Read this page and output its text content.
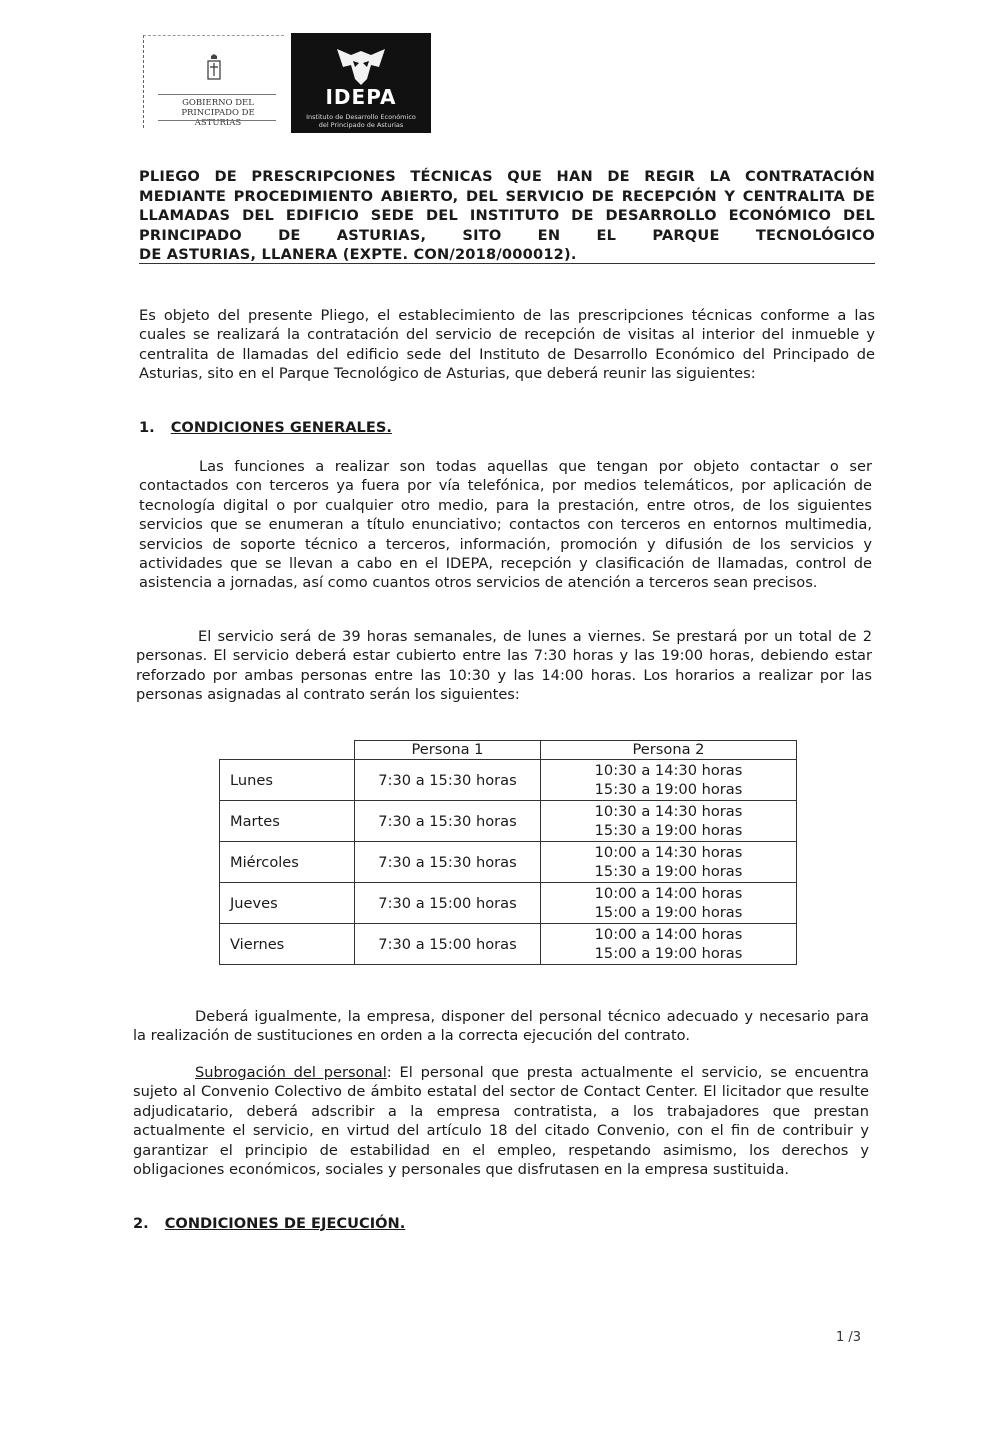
GOBIERNO DEL
PRINCIPADO DE ASTURIAS
IDEPA
Instituto de Desarrollo Económico
del Principado de Asturias
PLIEGO DE PRESCRIPCIONES TÉCNICAS QUE HAN DE REGIR LA CONTRATACIÓN MEDIANTE PROCEDIMIENTO ABIERTO, DEL SERVICIO DE RECEPCIÓN Y CENTRALITA DE LLAMADAS DEL EDIFICIO SEDE DEL INSTITUTO DE DESARROLLO ECONÓMICO DEL PRINCIPADO DE ASTURIAS, SITO EN EL PARQUE TECNOLÓGICO
DE ASTURIAS, LLANERA (EXPTE. CON/2018/000012).
Es objeto del presente Pliego, el establecimiento de las prescripciones técnicas conforme a las cuales se realizará la contratación del servicio de recepción de visitas al interior del inmueble y centralita de llamadas del edificio sede del Instituto de Desarrollo Económico del Principado de Asturias, sito en el Parque Tecnológico de Asturias, que deberá reunir las siguientes:
1. CONDICIONES GENERALES.
Las funciones a realizar son todas aquellas que tengan por objeto contactar o ser contactados con terceros ya fuera por vía telefónica, por medios telemáticos, por aplicación de tecnología digital o por cualquier otro medio, para la prestación, entre otros, de los siguientes servicios que se enumeran a título enunciativo; contactos con terceros en entornos multimedia, servicios de soporte técnico a terceros, información, promoción y difusión de los servicios y actividades que se llevan a cabo en el IDEPA, recepción y clasificación de llamadas, control de asistencia a jornadas, así como cuantos otros servicios de atención a terceros sean precisos.
El servicio será de 39 horas semanales, de lunes a viernes. Se prestará por un total de 2 personas. El servicio deberá estar cubierto entre las 7:30 horas y las 19:00 horas, debiendo estar reforzado por ambas personas entre las 10:30 y las 14:00 horas. Los horarios a realizar por las personas asignadas al contrato serán los siguientes:
	Persona 1	Persona 2
Lunes	7:30 a 15:30 horas	10:30 a 14:30 horas
15:30 a 19:00 horas

Martes	7:30 a 15:30 horas	10:30 a 14:30 horas
15:30 a 19:00 horas

Miércoles	7:30 a 15:30 horas	10:00 a 14:30 horas
15:30 a 19:00 horas

Jueves	7:30 a 15:00 horas	10:00 a 14:00 horas
15:00 a 19:00 horas

Viernes	7:30 a 15:00 horas	10:00 a 14:00 horas
15:00 a 19:00 horas
Deberá igualmente, la empresa, disponer del personal técnico adecuado y necesario para la realización de sustituciones en orden a la correcta ejecución del contrato.
Subrogación del personal: El personal que presta actualmente el servicio, se encuentra sujeto al Convenio Colectivo de ámbito estatal del sector de Contact Center. El licitador que resulte adjudicatario, deberá adscribir a la empresa contratista, a los trabajadores que prestan actualmente el servicio, en virtud del artículo 18 del citado Convenio, con el fin de contribuir y garantizar el principio de estabilidad en el empleo, respetando asimismo, los derechos y obligaciones económicos, sociales y personales que disfrutasen en la empresa sustituida.
2. CONDICIONES DE EJECUCIÓN.
1 /3
